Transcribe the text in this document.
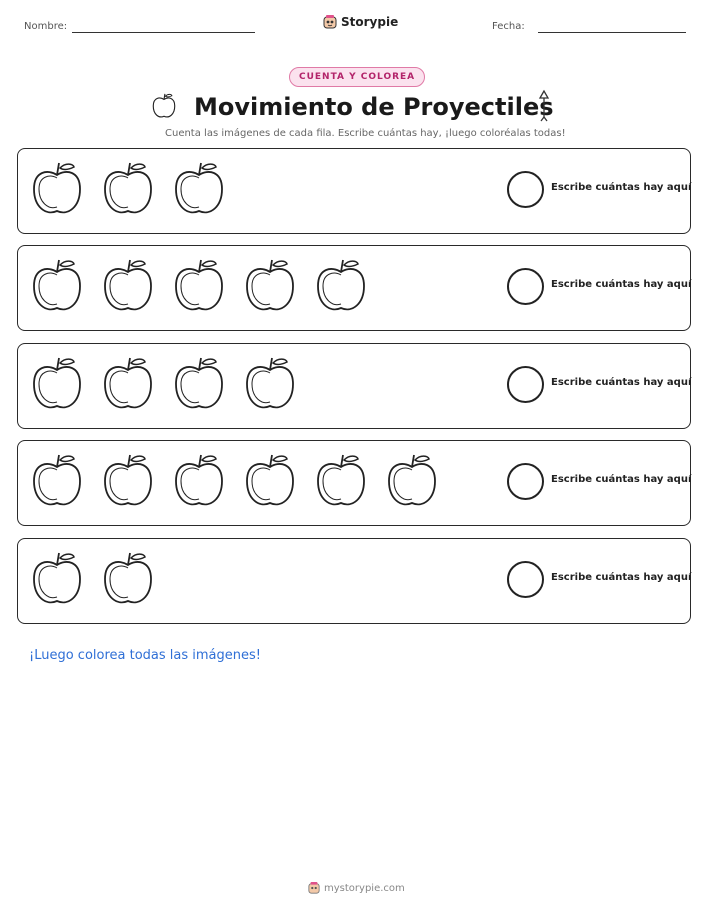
Nombre:	Storypie	Fecha:
CUENTA Y COLOREA
Movimiento de Proyectiles
Cuenta las imágenes de cada fila. Escribe cuántas hay, ¡luego coloréalas todas!
Escribe cuántas hay aquí
Escribe cuántas hay aquí
Escribe cuántas hay aquí
Escribe cuántas hay aquí
Escribe cuántas hay aquí
¡Luego colorea todas las imágenes!
mystorypie.com
